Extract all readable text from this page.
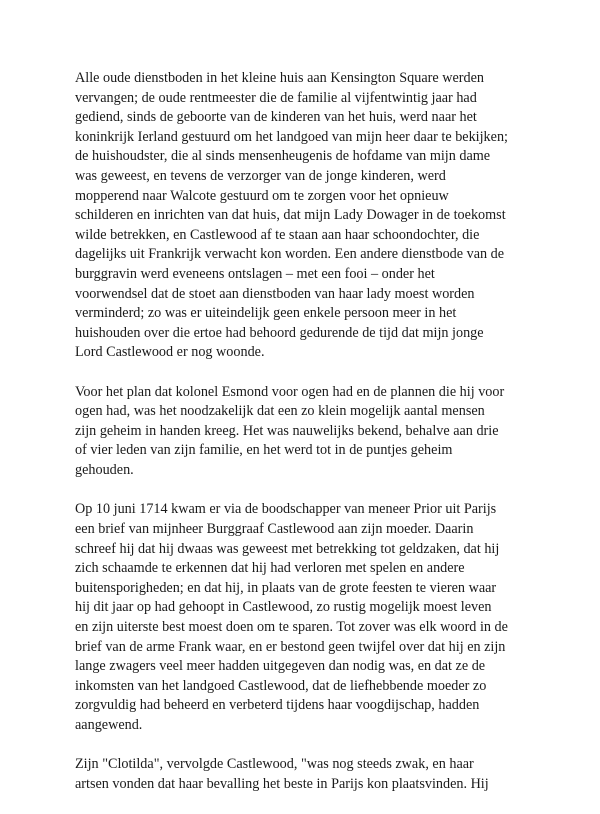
Alle oude dienstboden in het kleine huis aan Kensington Square werden
vervangen; de oude rentmeester die de familie al vijfentwintig jaar had
gediend, sinds de geboorte van de kinderen van het huis, werd naar het
koninkrijk Ierland gestuurd om het landgoed van mijn heer daar te bekijken;
de huishoudster, die al sinds mensenheugenis de hofdame van mijn dame
was geweest, en tevens de verzorger van de jonge kinderen, werd
mopperend naar Walcote gestuurd om te zorgen voor het opnieuw
schilderen en inrichten van dat huis, dat mijn Lady Dowager in de toekomst
wilde betrekken, en Castlewood af te staan aan haar schoondochter, die
dagelijks uit Frankrijk verwacht kon worden. Een andere dienstbode van de
burggravin werd eveneens ontslagen – met een fooi – onder het
voorwendsel dat de stoet aan dienstboden van haar lady moest worden
verminderd; zo was er uiteindelijk geen enkele persoon meer in het
huishouden over die ertoe had behoord gedurende de tijd dat mijn jonge
Lord Castlewood er nog woonde.
Voor het plan dat kolonel Esmond voor ogen had en de plannen die hij voor
ogen had, was het noodzakelijk dat een zo klein mogelijk aantal mensen
zijn geheim in handen kreeg. Het was nauwelijks bekend, behalve aan drie
of vier leden van zijn familie, en het werd tot in de puntjes geheim
gehouden.
Op 10 juni 1714 kwam er via de boodschapper van meneer Prior uit Parijs
een brief van mijnheer Burggraaf Castlewood aan zijn moeder. Daarin
schreef hij dat hij dwaas was geweest met betrekking tot geldzaken, dat hij
zich schaamde te erkennen dat hij had verloren met spelen en andere
buitensporigheden; en dat hij, in plaats van de grote feesten te vieren waar
hij dit jaar op had gehoopt in Castlewood, zo rustig mogelijk moest leven
en zijn uiterste best moest doen om te sparen. Tot zover was elk woord in de
brief van de arme Frank waar, en er bestond geen twijfel over dat hij en zijn
lange zwagers veel meer hadden uitgegeven dan nodig was, en dat ze de
inkomsten van het landgoed Castlewood, dat de liefhebbende moeder zo
zorgvuldig had beheerd en verbeterd tijdens haar voogdijschap, hadden
aangewend.
Zijn "Clotilda", vervolgde Castlewood, "was nog steeds zwak, en haar
artsen vonden dat haar bevalling het beste in Parijs kon plaatsvinden. Hij
